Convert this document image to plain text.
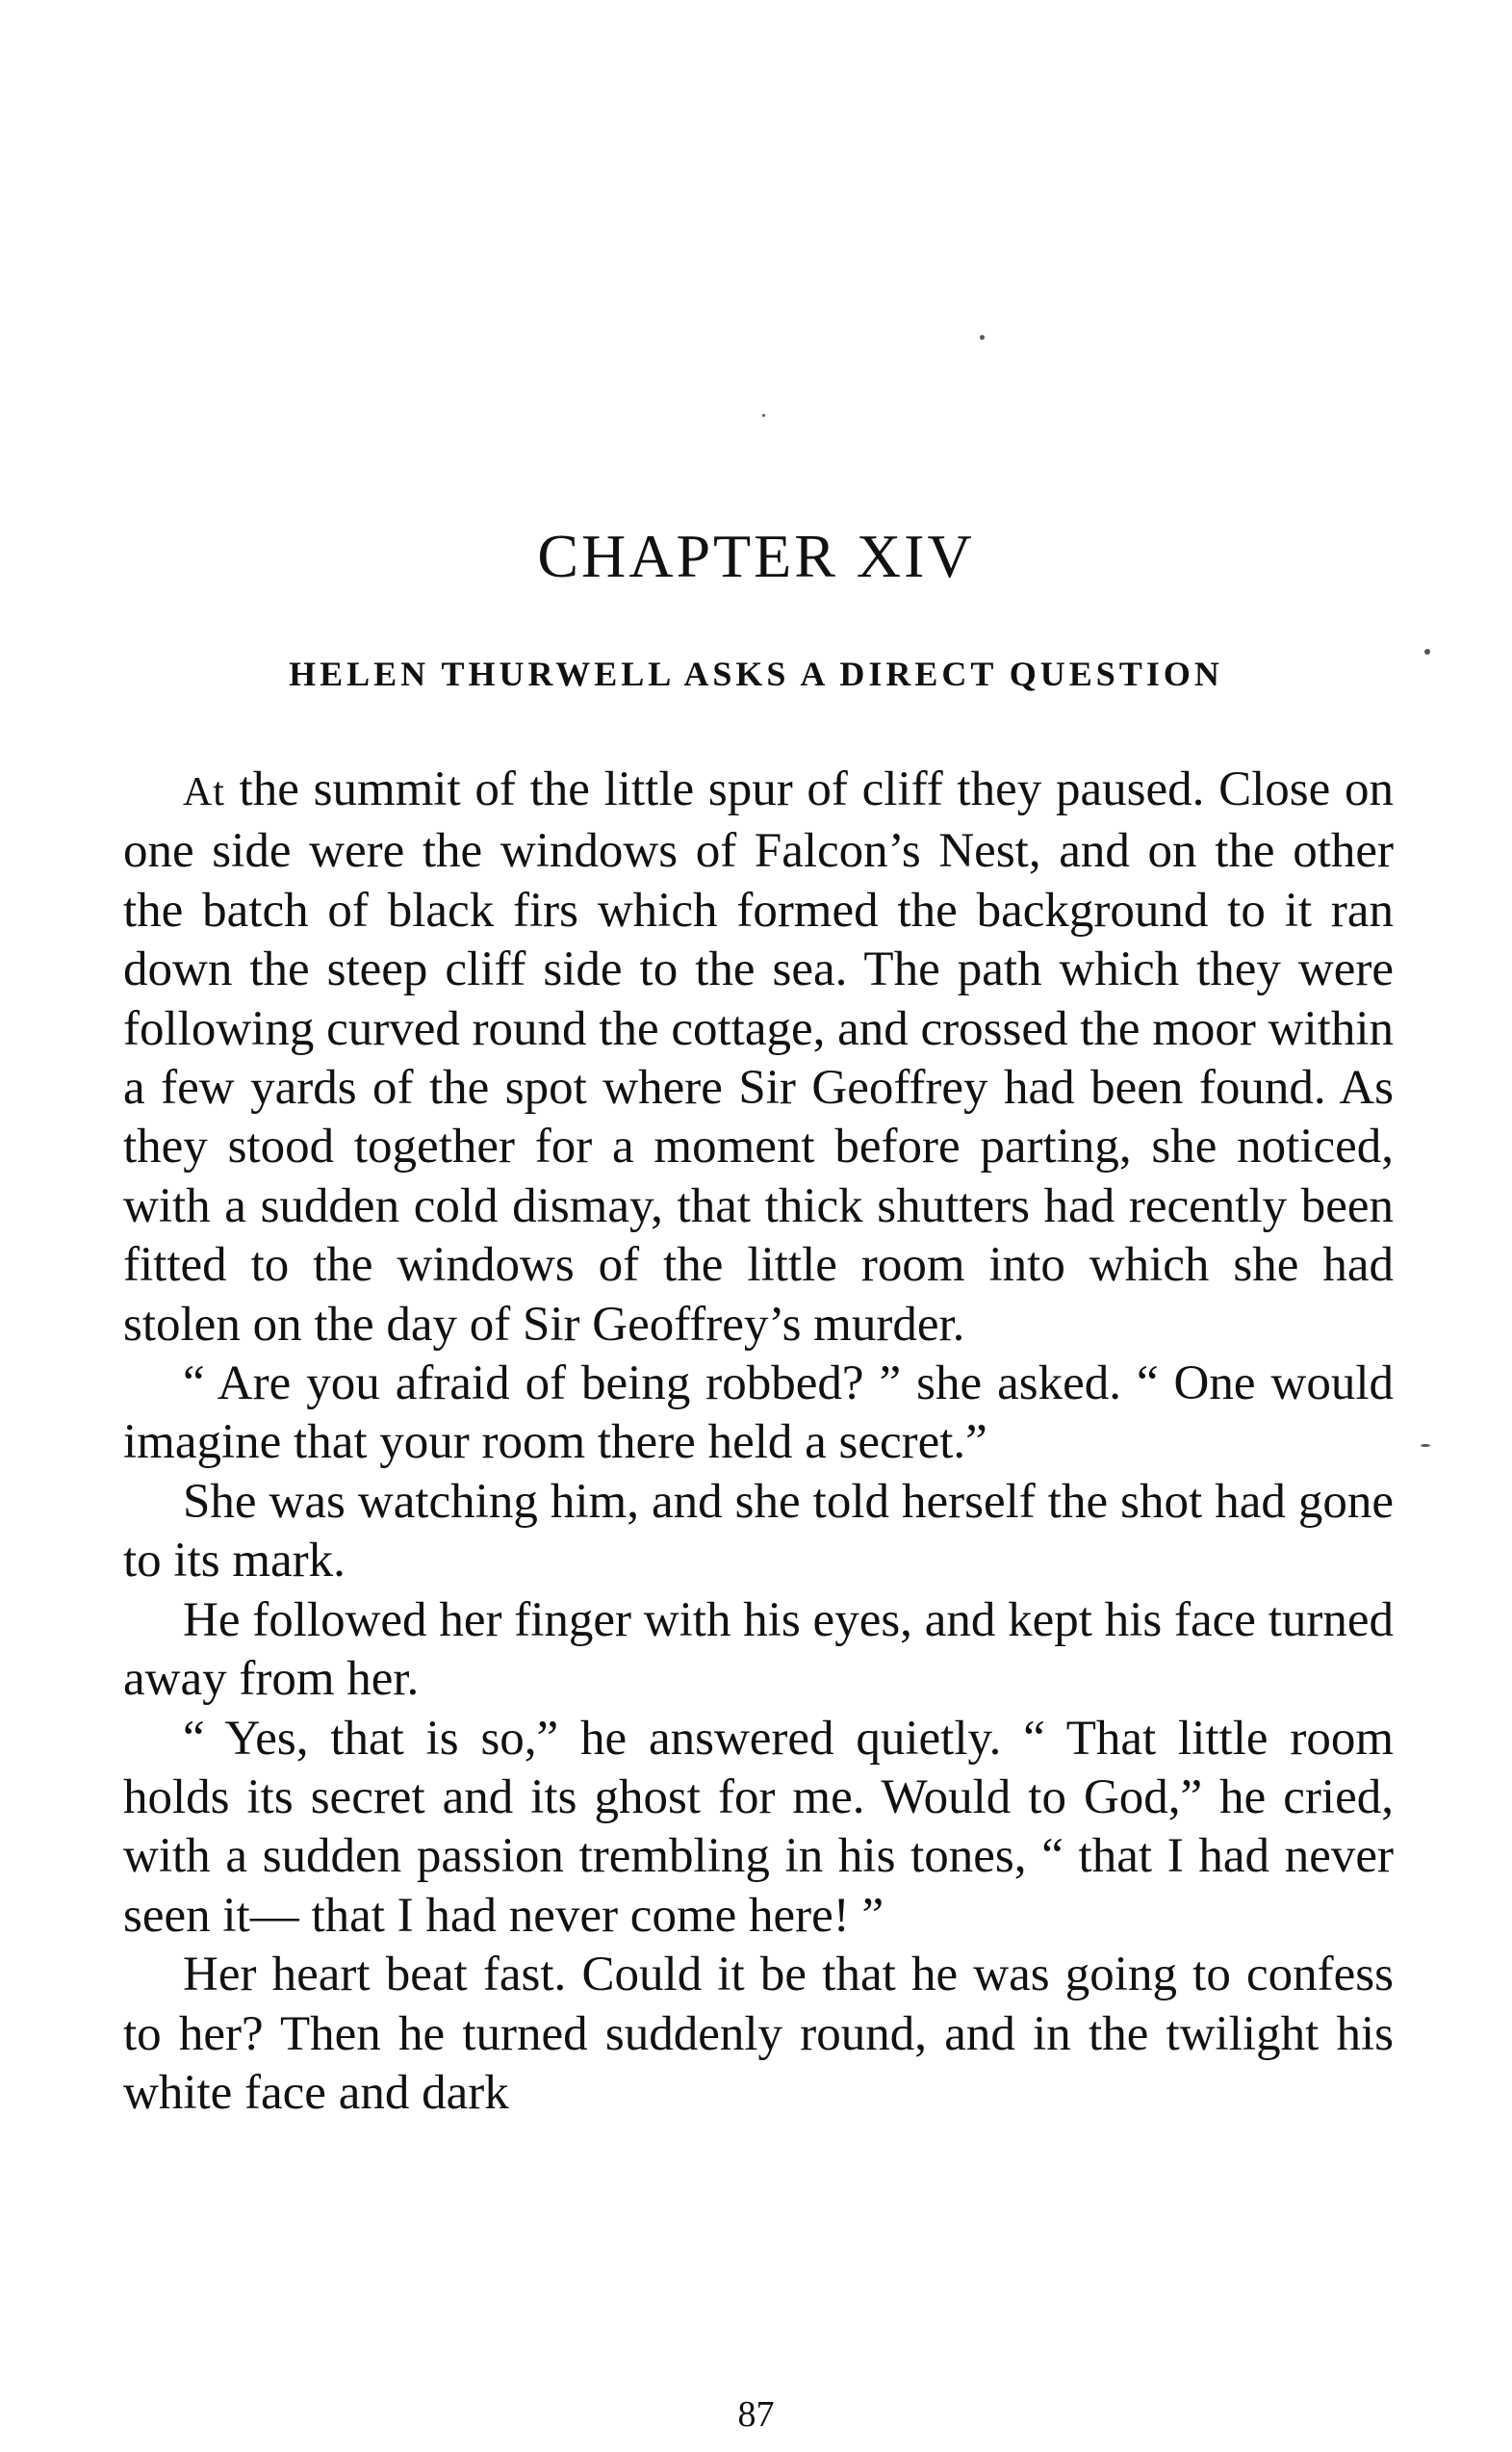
CHAPTER XIV
HELEN THURWELL ASKS A DIRECT QUESTION

At the summit of the little spur of cliff they paused. Close on one side were the windows of Falcon’s Nest, and on the other the batch of black firs which formed the background to it ran down the steep cliff side to the sea. The path which they were following curved round the cottage, and crossed the moor within a few yards of the spot where Sir Geoffrey had been found. As they stood together for a moment before parting, she noticed, with a sudden cold dismay, that thick shutters had recently been fitted to the windows of the little room into which she had stolen on the day of Sir Geoffrey’s murder.

“ Are you afraid of being robbed? ” she asked. “ One would imagine that your room there held a secret.”

She was watching him, and she told herself the shot had gone to its mark.

He followed her finger with his eyes, and kept his face turned away from her.

“ Yes, that is so,” he answered quietly. “ That little room holds its secret and its ghost for me. Would to God,” he cried, with a sudden passion trembling in his tones, “ that I had never seen it— that I had never come here! ”

Her heart beat fast. Could it be that he was going to confess to her? Then he turned suddenly round, and in the twilight his white face and dark

87
